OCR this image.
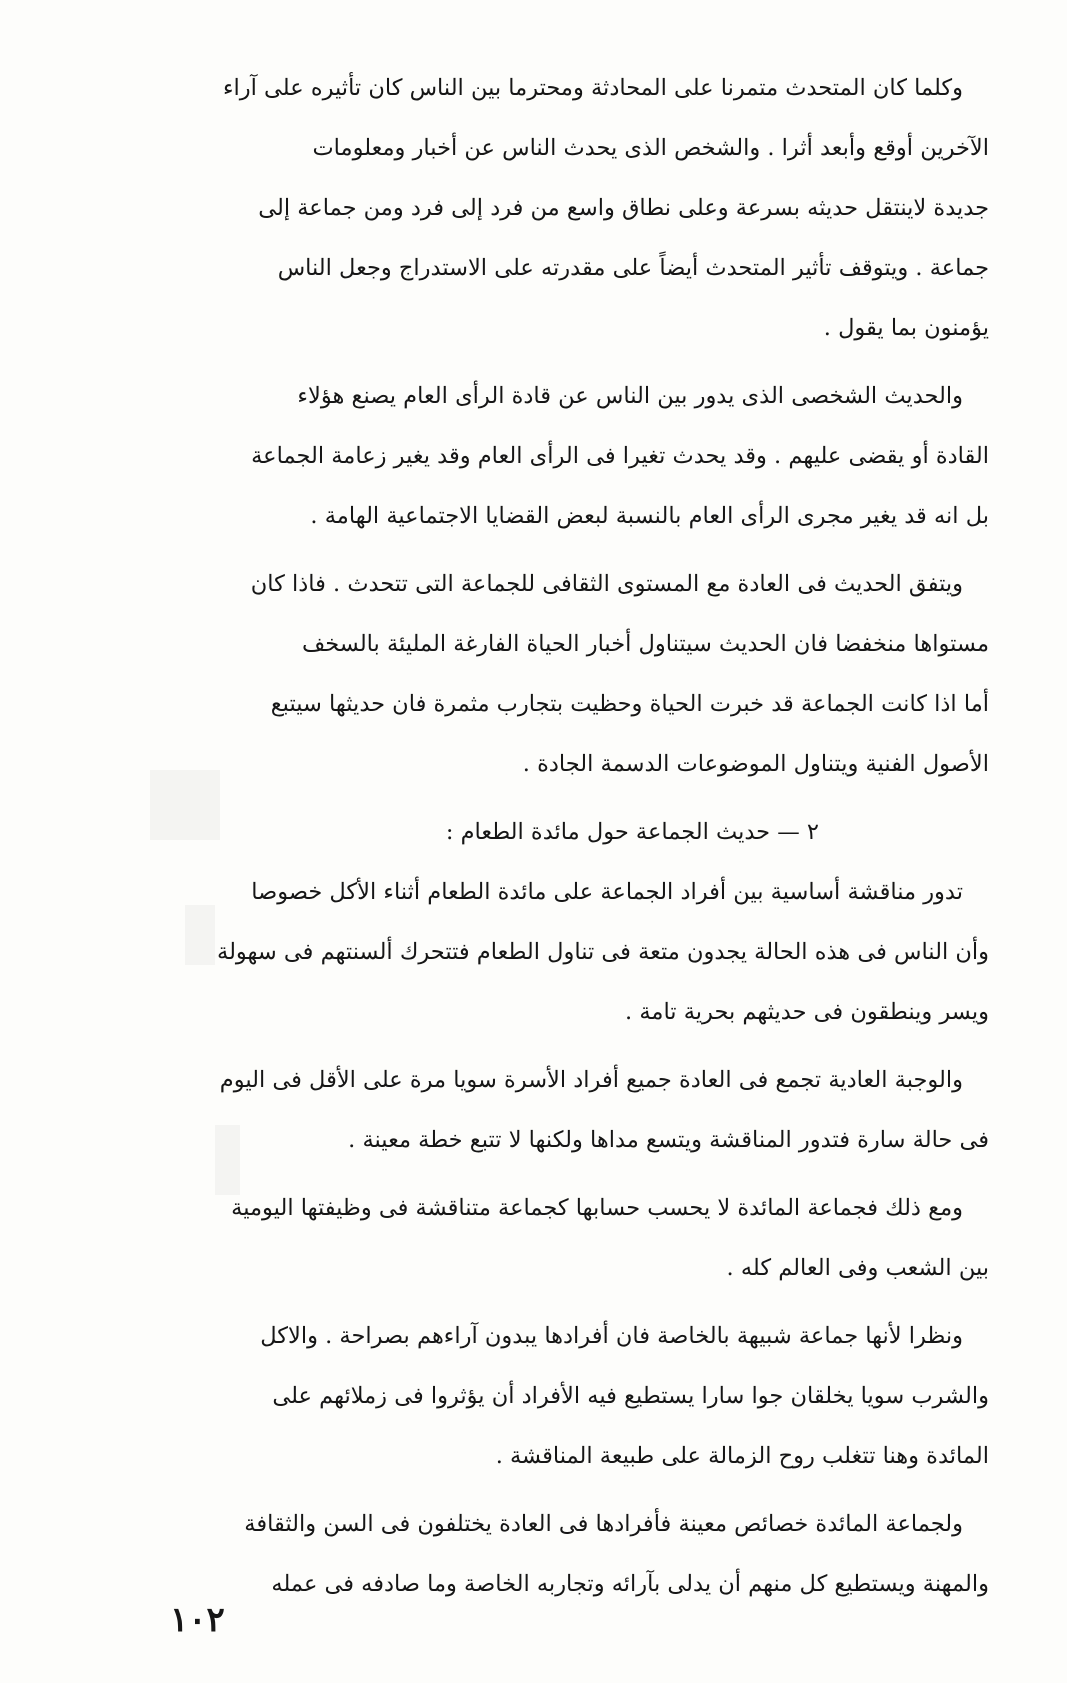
وكلما كان المتحدث متمرنا على المحادثة ومحترما بين الناس كان تأثيره على آراء
الآخرين أوقع وأبعد أثرا . والشخص الذى يحدث الناس عن أخبار ومعلومات
جديدة لاينتقل حديثه بسرعة وعلى نطاق واسع من فرد إلى فرد ومن جماعة إلى
جماعة . ويتوقف تأثير المتحدث أيضاً على مقدرته على الاستدراج وجعل الناس
يؤمنون بما يقول .
والحديث الشخصى الذى يدور بين الناس عن قادة الرأى العام يصنع هؤلاء
القادة أو يقضى عليهم . وقد يحدث تغيرا فى الرأى العام وقد يغير زعامة الجماعة
بل انه قد يغير مجرى الرأى العام بالنسبة لبعض القضايا الاجتماعية الهامة .
ويتفق الحديث فى العادة مع المستوى الثقافى للجماعة التى تتحدث . فاذا كان
مستواها منخفضا فان الحديث سيتناول أخبار الحياة الفارغة المليئة بالسخف
أما اذا كانت الجماعة قد خبرت الحياة وحظيت بتجارب مثمرة فان حديثها سيتبع
الأصول الفنية ويتناول الموضوعات الدسمة الجادة .
٢ — حديث الجماعة حول مائدة الطعام :
تدور مناقشة أساسية بين أفراد الجماعة على مائدة الطعام أثناء الأكل خصوصا
وأن الناس فى هذه الحالة يجدون متعة فى تناول الطعام فتتحرك ألسنتهم فى سهولة
ويسر وينطقون فى حديثهم بحرية تامة .
والوجبة العادية تجمع فى العادة جميع أفراد الأسرة سويا مرة على الأقل فى اليوم
فى حالة سارة فتدور المناقشة ويتسع مداها ولكنها لا تتبع خطة معينة .
ومع ذلك فجماعة المائدة لا يحسب حسابها كجماعة متناقشة فى وظيفتها اليومية
بين الشعب وفى العالم كله .
ونظرا لأنها جماعة شبيهة بالخاصة فان أفرادها يبدون آراءهم بصراحة . والاكل
والشرب سويا يخلقان جوا سارا يستطيع فيه الأفراد أن يؤثروا فى زملائهم على
المائدة وهنا تتغلب روح الزمالة على طبيعة المناقشة .
ولجماعة المائدة خصائص معينة فأفرادها فى العادة يختلفون فى السن والثقافة
والمهنة ويستطيع كل منهم أن يدلى بآرائه وتجاربه الخاصة وما صادفه فى عمله
١٠٢
